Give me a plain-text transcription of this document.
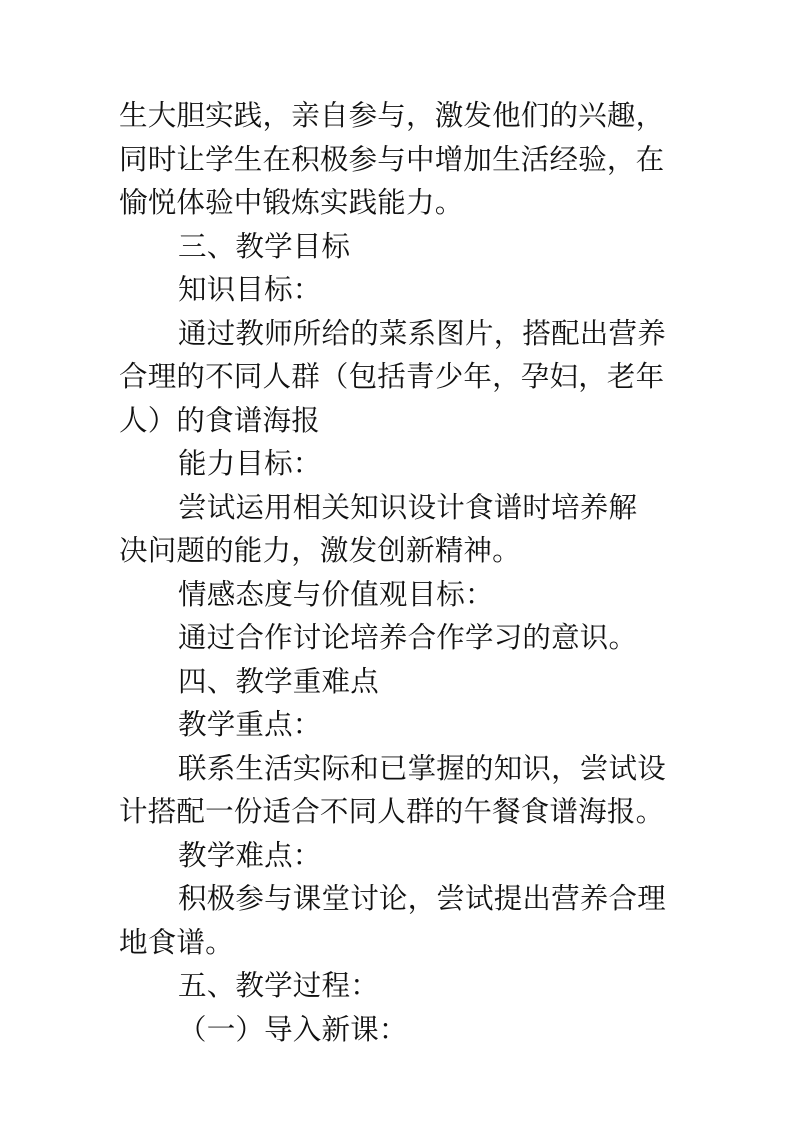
生大胆实践，亲自参与，激发他们的兴趣，

同时让学生在积极参与中增加生活经验，在

愉悦体验中锻炼实践能力。

三、教学目标

知识目标：

通过教师所给的菜系图片，搭配出营养

合理的不同人群（包括青少年，孕妇，老年

人）的食谱海报

能力目标：

尝试运用相关知识设计食谱时培养解

决问题的能力，激发创新精神。

情感态度与价值观目标：

通过合作讨论培养合作学习的意识。

四、教学重难点

教学重点：

联系生活实际和已掌握的知识，尝试设

计搭配一份适合不同人群的午餐食谱海报。

教学难点：

积极参与课堂讨论，尝试提出营养合理

地食谱。

五、教学过程：

（一）导入新课：
